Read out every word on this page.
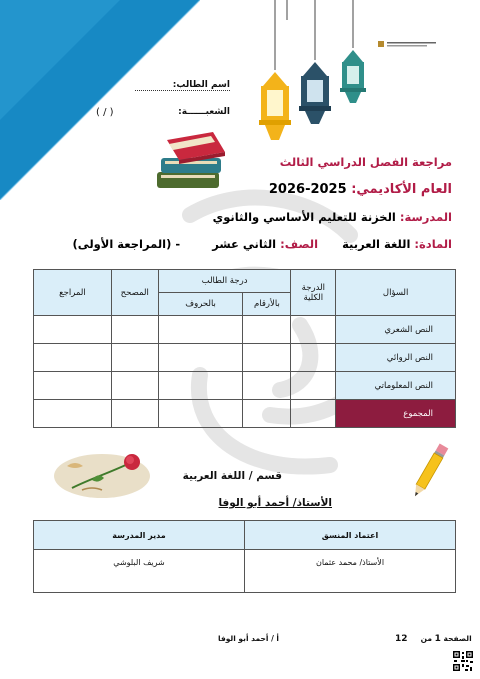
اسم الطالب:
الشعبــــــة:
( / )
مراجعة الفصل الدراسي الثالث
العام الأكاديمي: 2025-2026
المدرسة: الخزنة للتعليم الأساسي والثانوي
المادة: اللغة العربية      الصف: الثاني عشر        - (المراجعة الأولى)
السؤال	الدرجة الكلية	درجة الطالب		المصحح	المراجع
		بالأرقام	بالحروف		
النص الشعري					
النص الروائي					
النص المعلوماتي					
المجموع					
قسم / اللغة العربية
الأستاذ/ أحمد أبو الوفا
اعتماد المنسق	مدير المدرسة
الأستاذ/ محمد عثمان	شريف البلوشي
الصفحة 1 من     12
أ / أحمد أبو الوفا
